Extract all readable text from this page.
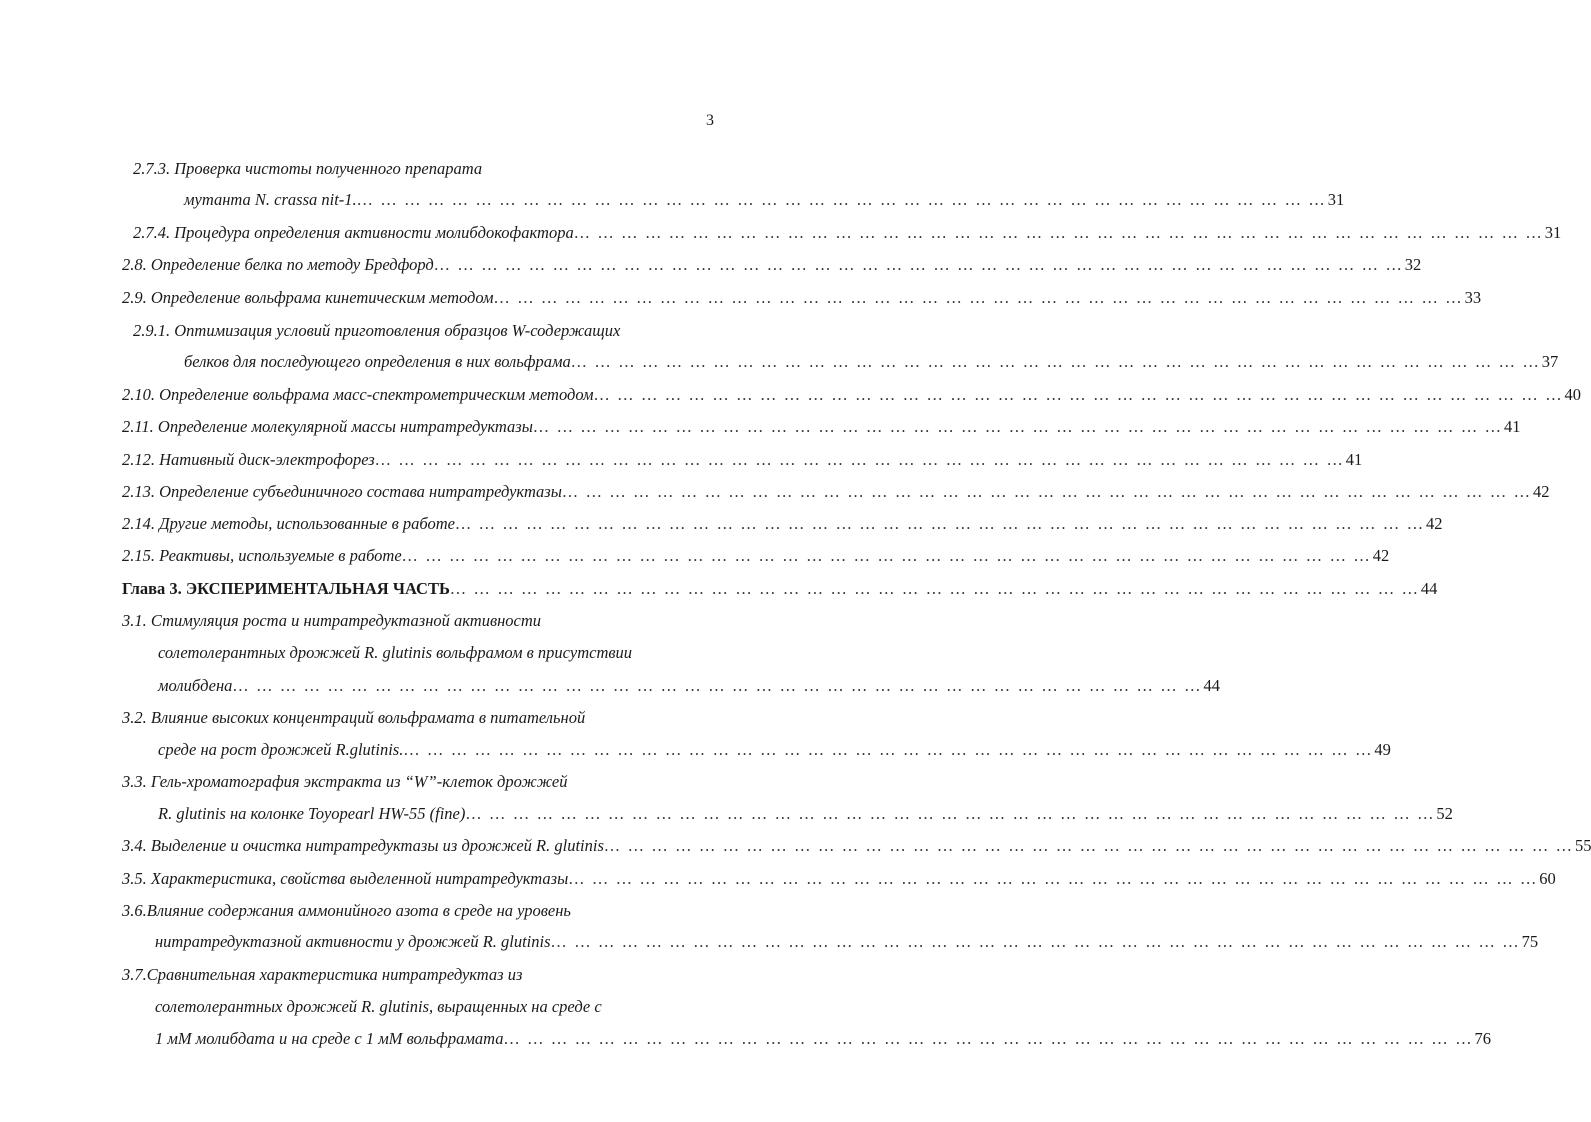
3
2.7.3. Проверка чистоты полученного препарата
мутанта N. crassa nit-1. … … … … … … … … … … … … … … … … … … … … … … … … … … … … … … … … … … … … … … … … … 31
2.7.4. Процедура определения активности молибдокофактора … … … … … … … … … … … … … … … … … … … … … … … … … … … … … … … … … … … … … … … … … 31
2.8. Определение белка по методу Бредфорд … … … … … … … … … … … … … … … … … … … … … … … … … … … … … … … … … … … … … … … … … 32
2.9. Определение вольфрама кинетическим методом … … … … … … … … … … … … … … … … … … … … … … … … … … … … … … … … … … … … … … … … … 33
2.9.1. Оптимизация условий приготовления образцов W-содержащих
белков для последующего определения в них вольфрама … … … … … … … … … … … … … … … … … … … … … … … … … … … … … … … … … … … … … … … … … 37
2.10. Определение вольфрама масс-спектрометрическим методом … … … … … … … … … … … … … … … … … … … … … … … … … … … … … … … … … … … … … … … … … 40
2.11. Определение молекулярной массы нитратредуктазы … … … … … … … … … … … … … … … … … … … … … … … … … … … … … … … … … … … … … … … … … 41
2.12. Нативный диск-электрофорез … … … … … … … … … … … … … … … … … … … … … … … … … … … … … … … … … … … … … … … … … 41
2.13. Определение субъединичного состава нитратредуктазы … … … … … … … … … … … … … … … … … … … … … … … … … … … … … … … … … … … … … … … … … 42
2.14. Другие методы, использованные в работе … … … … … … … … … … … … … … … … … … … … … … … … … … … … … … … … … … … … … … … … … 42
2.15. Реактивы, используемые в работе … … … … … … … … … … … … … … … … … … … … … … … … … … … … … … … … … … … … … … … … … 42
Глава 3. ЭКСПЕРИМЕНТАЛЬНАЯ ЧАСТЬ … … … … … … … … … … … … … … … … … … … … … … … … … … … … … … … … … … … … … … … … … 44
3.1. Стимуляция роста и нитратредуктазной активности
солетолерантных дрожжей R. glutinis вольфрамом в присутствии
молибдена … … … … … … … … … … … … … … … … … … … … … … … … … … … … … … … … … … … … … … … … … 44
3.2. Влияние высоких концентраций вольфрамата в питательной
среде на рост дрожжей R.glutinis. … … … … … … … … … … … … … … … … … … … … … … … … … … … … … … … … … … … … … … … … … 49
3.3. Гель-хроматография экстракта из “W”-клеток дрожжей
R. glutinis на колонке Toyopearl HW-55 (fine) … … … … … … … … … … … … … … … … … … … … … … … … … … … … … … … … … … … … … … … … … 52
3.4. Выделение и очистка нитратредуктазы из дрожжей R. glutinis … … … … … … … … … … … … … … … … … … … … … … … … … … … … … … … … … … … … … … … … … 55
3.5. Характеристика, свойства выделенной нитратредуктазы … … … … … … … … … … … … … … … … … … … … … … … … … … … … … … … … … … … … … … … … … 60
3.6.Влияние содержания аммонийного азота в среде на уровень
нитратредуктазной активности у дрожжей R. glutinis … … … … … … … … … … … … … … … … … … … … … … … … … … … … … … … … … … … … … … … … … 75
3.7.Сравнительная характеристика нитратредуктаз из
солетолерантных дрожжей R. glutinis, выращенных на среде с
1 мМ молибдата и на среде с 1 мМ вольфрамата … … … … … … … … … … … … … … … … … … … … … … … … … … … … … … … … … … … … … … … … … 76
